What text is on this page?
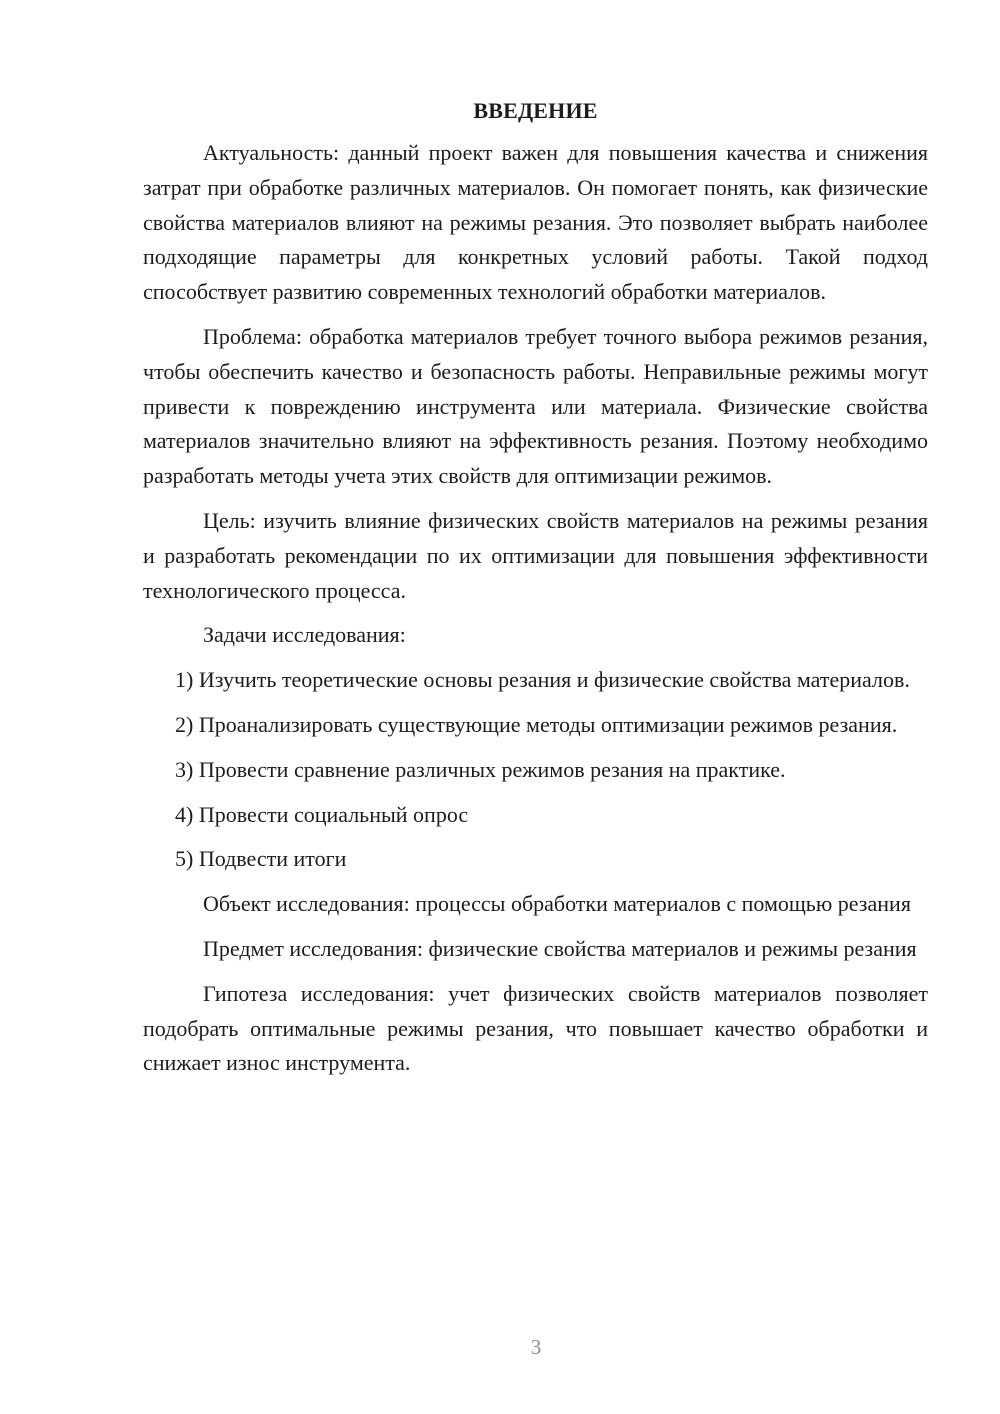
ВВЕДЕНИЕ

Актуальность: данный проект важен для повышения качества и снижения затрат при обработке различных материалов. Он помогает понять, как физические свойства материалов влияют на режимы резания. Это позволяет выбрать наиболее подходящие параметры для конкретных условий работы. Такой подход способствует развитию современных технологий обработки материалов.

Проблема: обработка материалов требует точного выбора режимов резания, чтобы обеспечить качество и безопасность работы. Неправильные режимы могут привести к повреждению инструмента или материала. Физические свойства материалов значительно влияют на эффективность резания. Поэтому необходимо разработать методы учета этих свойств для оптимизации режимов.

Цель: изучить влияние физических свойств материалов на режимы резания и разработать рекомендации по их оптимизации для повышения эффективности технологического процесса.

Задачи исследования:

1) Изучить теоретические основы резания и физические свойства материалов.

2) Проанализировать существующие методы оптимизации режимов резания.

3) Провести сравнение различных режимов резания на практике.

4) Провести социальный опрос

5) Подвести итоги

Объект исследования: процессы обработки материалов с помощью резания

Предмет исследования: физические свойства материалов и режимы резания

Гипотеза исследования: учет физических свойств материалов позволяет подобрать оптимальные режимы резания, что повышает качество обработки и снижает износ инструмента.

3
